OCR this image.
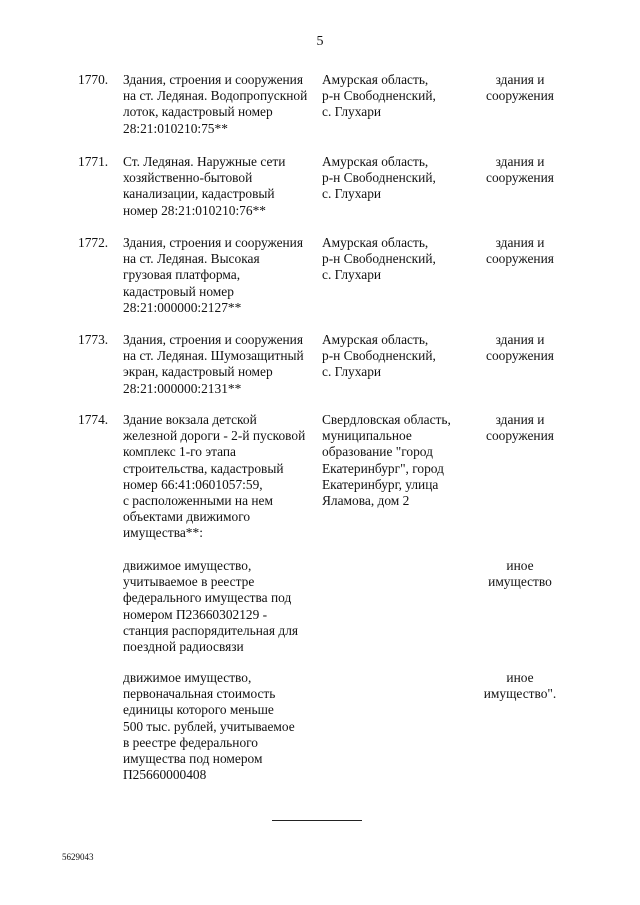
5
1770. Здания, строения и сооружения
на ст. Ледяная. Водопропускной
лоток, кадастровый номер
28:21:010210:75**
Амурская область,
р-н Свободненский,
с. Глухари
здания и
сооружения
1771. Ст. Ледяная. Наружные сети
хозяйственно-бытовой
канализации, кадастровый
номер 28:21:010210:76**
Амурская область,
р-н Свободненский,
с. Глухари
здания и
сооружения
1772. Здания, строения и сооружения
на ст. Ледяная. Высокая
грузовая платформа,
кадастровый номер
28:21:000000:2127**
Амурская область,
р-н Свободненский,
с. Глухари
здания и
сооружения
1773. Здания, строения и сооружения
на ст. Ледяная. Шумозащитный
экран, кадастровый номер
28:21:000000:2131**
Амурская область,
р-н Свободненский,
с. Глухари
здания и
сооружения
1774. Здание вокзала детской
железной дороги - 2-й пусковой
комплекс 1-го этапа
строительства, кадастровый
номер 66:41:0601057:59,
с расположенными на нем
объектами движимого
имущества**:
Свердловская область,
муниципальное
образование "город
Екатеринбург", город
Екатеринбург, улица
Яламова, дом 2
здания и
сооружения
движимое имущество,
учитываемое в реестре
федерального имущества под
номером П23660302129 -
станция распорядительная для
поездной радиосвязи
иное
имущество
движимое имущество,
первоначальная стоимость
единицы которого меньше
500 тыс. рублей, учитываемое
в реестре федерального
имущества под номером
П25660000408
иное
имущество".
5629043
